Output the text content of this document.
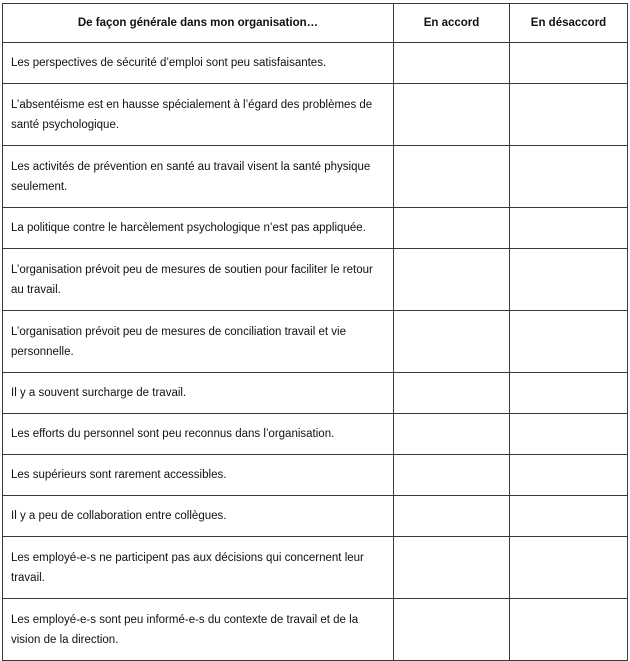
De façon générale dans mon organisation…	En accord	En désaccord
Les perspectives de sécurité d’emploi sont peu satisfaisantes.		
L’absentéisme est en hausse spécialement à l’égard des problèmes de santé psychologique.		
Les activités de prévention en santé au travail visent la santé physique seulement.		
La politique contre le harcèlement psychologique n’est pas appliquée.		
L’organisation prévoit peu de mesures de soutien pour faciliter le retour au travail.		
L’organisation prévoit peu de mesures de conciliation travail et vie personnelle.		
Il y a souvent surcharge de travail.		
Les efforts du personnel sont peu reconnus dans l’organisation.		
Les supérieurs sont rarement accessibles.		
Il y a peu de collaboration entre collègues.		
Les employé-e-s ne participent pas aux décisions qui concernent leur travail.		
Les employé-e-s sont peu informé-e-s du contexte de travail et de la vision de la direction.		
